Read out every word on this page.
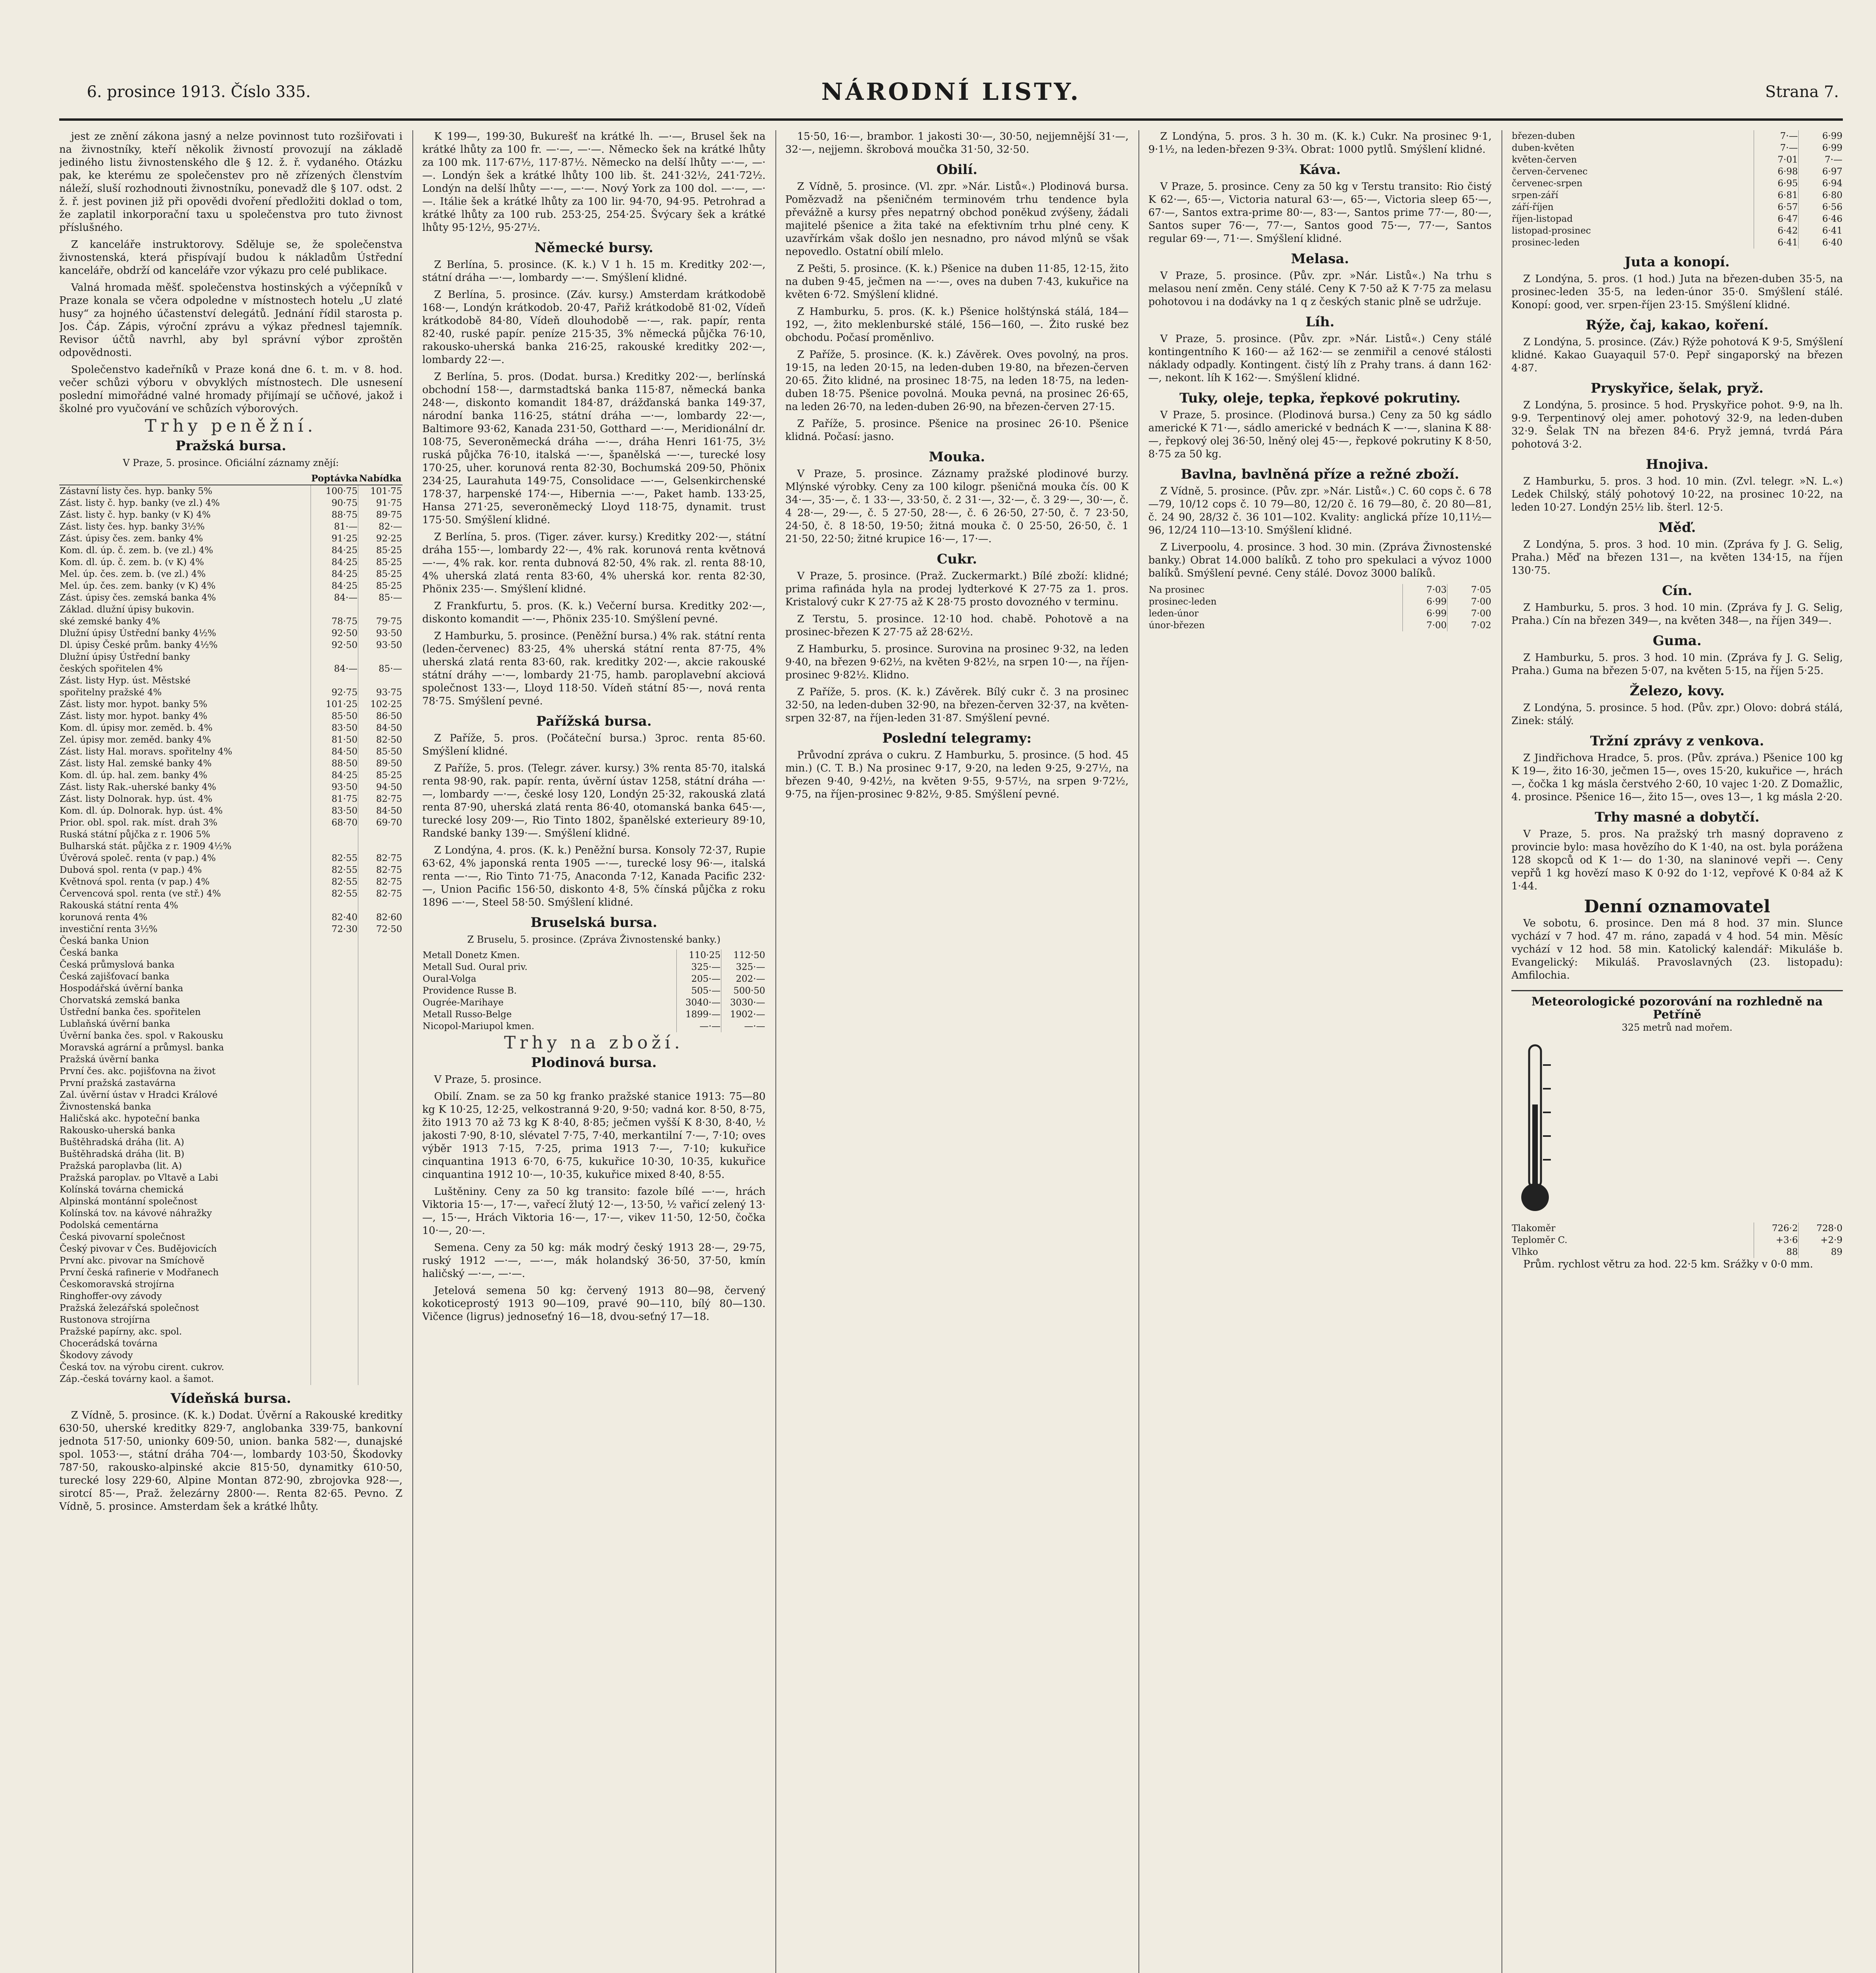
6. prosince 1913. Číslo 335.	NÁRODNÍ LISTY.	Strana 7.

jest ze znění zákona jasný a nelze povinnost tuto rozšiřovati i na živnostníky, kteří několik živností provozují na základě jediného listu živnostenského dle § 12. ž. ř. vydaného. Otázku pak, ke kterému ze společenstev pro ně zřízených členstvím náleží, sluší rozhodnouti živnostníku, ponevadž dle § 107. odst. 2 ž. ř. jest povinen již při opovědi dvoření předložiti doklad o tom, že zaplatil inkorporační taxu u společenstva pro tuto živnost příslušného.

Z kanceláře instruktorovy. Sděluje se, že společenstva živnostenská, která přispívají budou k nákladům Ústřední kanceláře, obdrží od kanceláře vzor výkazu pro celé publikace.

Valná hromada měšť. společenstva hostinských a výčepníků v Praze konala se včera odpoledne v místnostech hotelu „U zlaté husy“ za hojného účastenství delegátů. Jednání řídil starosta p. Jos. Čáp. Zápis, výroční zprávu a výkaz přednesl tajemník. Revisor účtů navrhl, aby byl správní výbor zproštěn odpovědnosti.

Společenstvo kadeřníků v Praze koná dne 6. t. m. v 8. hod. večer schůzi výboru v obvyklých místnostech. Dle usnesení poslední mimořádné valné hromady přijímají se učňové, jakož i školné pro vyučování ve schůzích výborových.

Trhy peněžní.
Pražská bursa.
V Praze, 5. prosince. Oficiální záznamy znějí:
	Poptávka	Nabídka
Zástavní listy čes. hyp. banky 5%	100·75	101·75
Zást. listy č. hyp. banky (ve zl.) 4%	90·75	91·75
Zást. listy č. hyp. banky (v K) 4%	88·75	89·75
Zást. listy čes. hyp. banky 3½%	81·—	82·—
Zást. úpisy čes. zem. banky 4%	91·25	92·25
Kom. dl. úp. č. zem. b. (ve zl.) 4%	84·25	85·25
Kom. dl. úp. č. zem. b. (v K) 4%	84·25	85·25
Mel. úp. čes. zem. b. (ve zl.) 4%	84·25	85·25
Mel. úp. čes. zem. banky (v K) 4%	84·25	85·25
Zást. úpisy čes. zemská banka 4%	84·—	85·—
Základ. dlužní úpisy bukovin.		
ské zemské banky 4%	78·75	79·75
Dlužní úpisy Ústřední banky 4½%	92·50	93·50
Dl. úpisy České prům. banky 4½%	92·50	93·50
Dlužní úpisy Ústřední banky		
českých spořitelen 4%	84·—	85·—
Zást. listy Hyp. úst. Městské		
spořitelny pražské 4%	92·75	93·75
Zást. listy mor. hypot. banky 5%	101·25	102·25
Zást. listy mor. hypot. banky 4%	85·50	86·50
Kom. dl. úpisy mor. zeměd. b. 4%	83·50	84·50
Zel. úpisy mor. zeměd. banky 4%	81·50	82·50
Zást. listy Hal. moravs. spořitelny 4%	84·50	85·50
Zást. listy Hal. zemské banky 4%	88·50	89·50
Kom. dl. úp. hal. zem. banky 4%	84·25	85·25
Zást. listy Rak.-uherské banky 4%	93·50	94·50
Zást. listy Dolnorak. hyp. úst. 4%	81·75	82·75
Kom. dl. úp. Dolnorak. hyp. úst. 4%	83·50	84·50
Prior. obl. spol. rak. míst. drah 3%	68·70	69·70
Ruská státní půjčka z r. 1906 5%		
Bulharská stát. půjčka z r. 1909 4½%		
Úvěrová společ. renta (v pap.) 4%	82·55	82·75
Dubová spol. renta (v pap.) 4%	82·55	82·75
Květnová spol. renta (v pap.) 4%	82·55	82·75
Červencová spol. renta (ve stř.) 4%	82·55	82·75
Rakouská státní renta 4%		
korunová renta 4%	82·40	82·60
investiční renta 3½%	72·30	72·50
Česká banka Union		
Česká banka		
Česká průmyslová banka		
Česká zajišťovací banka		
Hospodářská úvěrní banka		
Chorvatská zemská banka		
Ústřední banka čes. spořitelen		
Lublaňská úvěrní banka		
Úvěrní banka čes. spol. v Rakousku		
Moravská agrární a průmysl. banka		
Pražská úvěrní banka		
První čes. akc. pojišťovna na život		
První pražská zastavárna		
Zal. úvěrní ústav v Hradci Králové		
Živnostenská banka		
Haličská akc. hypoteční banka		
Rakousko-uherská banka		
Buštěhradská dráha (lit. A)		
Buštěhradská dráha (lit. B)		
Pražská paroplavba (lit. A)		
Pražská paroplav. po Vltavě a Labi		
Kolínská továrna chemická		
Alpinská montánní společnost		
Kolínská tov. na kávové náhražky		
Podolská cementárna		
Česká pivovarní společnost		
Český pivovar v Čes. Budějovicích		
První akc. pivovar na Smíchově		
První česká rafinerie v Modřanech		
Českomoravská strojírna		
Ringhoffer-ovy závody		
Pražská železářská společnost		
Rustonova strojírna		
Pražské papírny, akc. spol.		
Chocerádská továrna		
Škodovy závody		
Česká tov. na výrobu cirent. cukrov.		
Záp.-česká továrny kaol. a šamot.		
Vídeňská bursa.

Z Vídně, 5. prosince. (K. k.) Dodat. Úvěrní a Rakouské kreditky 630·50, uherské kreditky 829·7, anglobanka 339·75, bankovní jednota 517·50, unionky 609·50, union. banka 582·—, dunajské spol. 1053·—, státní dráha 704·—, lombardy 103·50, Škodovky 787·50, rakousko-alpinské akcie 815·50, dynamitky 610·50, turecké losy 229·60, Alpine Montan 872·90, zbrojovka 928·—, sirotcí 85·—, Praž. železárny 2800·—. Renta 82·65. Pevno. Z Vídně, 5. prosince. Amsterdam šek a krátké lhůty.

K 199—, 199·30, Bukurešť na krátké lh. —·—, Brusel šek na krátké lhůty za 100 fr. —·—, —·—. Německo šek na krátké lhůty za 100 mk. 117·67½, 117·87½. Německo na delší lhůty —·—, —·—. Londýn šek a krátké lhůty 100 lib. št. 241·32½, 241·72½. Londýn na delší lhůty —·—, —·—. Nový York za 100 dol. —·—, —·—. Itálie šek a krátké lhůty za 100 lir. 94·70, 94·95. Petrohrad a krátké lhůty za 100 rub. 253·25, 254·25. Švýcary šek a krátké lhůty 95·12½, 95·27½.

Německé bursy.

Z Berlína, 5. prosince. (K. k.) V 1 h. 15 m. Kreditky 202·—, státní dráha —·—, lombardy —·—. Smýšlení klidné.

Z Berlína, 5. prosince. (Záv. kursy.) Amsterdam krátkodobě 168·—, Londýn krátkodob. 20·47, Pařiž krátkodobě 81·02, Vídeň krátkodobě 84·80, Vídeň dlouhodobě —·—, rak. papír, renta 82·40, ruské papír. peníze 215·35, 3% německá půjčka 76·10, rakousko-uherská banka 216·25, rakouské kreditky 202·—, lombardy 22·—.

Z Berlína, 5. pros. (Dodat. bursa.) Kreditky 202·—, berlínská obchodní 158·—, darmstadtská banka 115·87, německá banka 248·—, diskonto komandit 184·87, drážďanská banka 149·37, národní banka 116·25, státní dráha —·—, lombardy 22·—, Baltimore 93·62, Kanada 231·50, Gotthard —·—, Meridionální dr. 108·75, Severoněmecká dráha —·—, dráha Henri 161·75, 3½ ruská půjčka 76·10, italská —·—, španělská —·—, turecké losy 170·25, uher. korunová renta 82·30, Bochumská 209·50, Phönix 234·25, Laurahuta 149·75, Consolidace —·—, Gelsenkirchenské 178·37, harpenské 174·—, Hibernia —·—, Paket hamb. 133·25, Hansa 271·25, severoněmecký Lloyd 118·75, dynamit. trust 175·50. Smýšlení klidné.

Z Berlína, 5. pros. (Tiger. záver. kursy.) Kreditky 202·—, státní dráha 155·—, lombardy 22·—, 4% rak. korunová renta květnová —·—, 4% rak. kor. renta dubnová 82·50, 4% rak. zl. renta 88·10, 4% uherská zlatá renta 83·60, 4% uherská kor. renta 82·30, Phönix 235·—. Smýšlení klidné.

Z Frankfurtu, 5. pros. (K. k.) Večerní bursa. Kreditky 202·—, diskonto komandit —·—, Phönix 235·10. Smýšlení pevné.

Z Hamburku, 5. prosince. (Peněžní bursa.) 4% rak. státní renta (leden-červenec) 83·25, 4% uherská státní renta 87·75, 4% uherská zlatá renta 83·60, rak. kreditky 202·—, akcie rakouské státní dráhy —·—, lombardy 21·75, hamb. paroplavební akciová společnost 133·—, Lloyd 118·50. Vídeň státní 85·—, nová renta 78·75. Smýšlení pevné.

Pařížská bursa.

Z Paříže, 5. pros. (Počáteční bursa.) 3proc. renta 85·60. Smýšlení klidné.

Z Paříže, 5. pros. (Telegr. záver. kursy.) 3% renta 85·70, italská renta 98·90, rak. papír. renta, úvěrní ústav 1258, státní dráha —·—, lombardy —·—, české losy 120, Londýn 25·32, rakouská zlatá renta 87·90, uherská zlatá renta 86·40, otomanská banka 645·—, turecké losy 209·—, Rio Tinto 1802, španělské exterieury 89·10, Randské banky 139·—. Smýšlení klidné.

Z Londýna, 4. pros. (K. k.) Peněžní bursa. Konsoly 72·37, Rupie 63·62, 4% japonská renta 1905 —·—, turecké losy 96·—, italská renta —·—, Rio Tinto 71·75, Anaconda 7·12, Kanada Pacific 232·—, Union Pacific 156·50, diskonto 4·8, 5% čínská půjčka z roku 1896 —·—, Steel 58·50. Smýšlení klidné.

Bruselská bursa.
Z Bruselu, 5. prosince. (Zpráva Živnostenské banky.)
Metall Donetz Kmen.	110·25	112·50
Metall Sud. Oural priv.	325·—	325·—
Oural-Volga	205·—	202·—
Providence Russe B.	505·—	500·50
Ougrée-Marihaye	3040·—	3030·—
Metall Russo-Belge	1899·—	1902·—
Nicopol-Mariupol kmen.	—·—	—·—
Trhy na zboží.
Plodinová bursa.

V Praze, 5. prosince.

Obilí. Znam. se za 50 kg franko pražské stanice 1913: 75—80 kg K 10·25, 12·25, velkostranná 9·20, 9·50; vadná kor. 8·50, 8·75, žito 1913 70 až 73 kg K 8·40, 8·85; ječmen vyšší K 8·30, 8·40, ½ jakosti 7·90, 8·10, slévatel 7·75, 7·40, merkantilní 7·—, 7·10; oves výběr 1913 7·15, 7·25, prima 1913 7·—, 7·10; kukuřice cinquantina 1913 6·70, 6·75, kukuřice 10·30, 10·35, kukuřice cinquantina 1912 10·—, 10·35, kukuřice mixed 8·40, 8·55.

Luštěniny. Ceny za 50 kg transito: fazole bílé —·—, hrách Viktoria 15·—, 17·—, vařecí žlutý 12·—, 13·50, ½ vařicí zelený 13·—, 15·—, Hrách Viktoria 16·—, 17·—, vikev 11·50, 12·50, čočka 10·—, 20·—.

Semena. Ceny za 50 kg: mák modrý český 1913 28·—, 29·75, ruský 1912 —·—, —·—, mák holandský 36·50, 37·50, kmín haličský —·—, —·—.

Jetelová semena 50 kg: červený 1913 80—98, červený kokoticeprostý 1913 90—109, pravé 90—110, bílý 80—130. Vičence (ligrus) jednoseťný 16—18, dvou-seťný 17—18.

15·50, 16·—, brambor. 1 jakosti 30·—, 30·50, nejjemnější 31·—, 32·—, nejjemn. škrobová moučka 31·50, 32·50.

Obilí.

Z Vídně, 5. prosince. (Vl. zpr. »Nár. Listů«.) Plodinová bursa. Pomězvadž na pšeničném terminovém trhu tendence byla převážně a kursy přes nepatrný obchod poněkud zvýšeny, žádali majitelé pšenice a žita také na efektivním trhu plné ceny. K uzavřírkám však došlo jen nesnadno, pro návod mlýnů se však nepovedlo. Ostatní obilí mlelo.

Z Pešti, 5. prosince. (K. k.) Pšenice na duben 11·85, 12·15, žito na duben 9·45, ječmen na —·—, oves na duben 7·43, kukuřice na květen 6·72. Smýšlení klidné.

Z Hamburku, 5. pros. (K. k.) Pšenice holštýnská stálá, 184—192, —, žito meklenburské stálé, 156—160, —. Žito ruské bez obchodu. Počasí proměnlivo.

Z Paříže, 5. prosince. (K. k.) Závěrek. Oves povolný, na pros. 19·15, na leden 20·15, na leden-duben 19·80, na březen-červen 20·65. Žito klidné, na prosinec 18·75, na leden 18·75, na leden-duben 18·75. Pšenice povolná. Mouka pevná, na prosinec 26·65, na leden 26·70, na leden-duben 26·90, na březen-červen 27·15.

Z Paříže, 5. prosince. Pšenice na prosinec 26·10. Pšenice klidná. Počasí: jasno.

Mouka.

V Praze, 5. prosince. Záznamy pražské plodinové burzy. Mlýnské výrobky. Ceny za 100 kilogr. pšeničná mouka čís. 00 K 34·—, 35·—, č. 1 33·—, 33·50, č. 2 31·—, 32·—, č. 3 29·—, 30·—, č. 4 28·—, 29·—, č. 5 27·50, 28·—, č. 6 26·50, 27·50, č. 7 23·50, 24·50, č. 8 18·50, 19·50; žitná mouka č. 0 25·50, 26·50, č. 1 21·50, 22·50; žitné krupice 16·—, 17·—.

Cukr.

V Praze, 5. prosince. (Praž. Zuckermarkt.) Bílé zboží: klidné; prima rafináda hyla na prodej lydterkové K 27·75 za 1. pros. Kristalový cukr K 27·75 až K 28·75 prosto dovozného v terminu.

Z Terstu, 5. prosince. 12·10 hod. chabě. Pohotově a na prosinec-březen K 27·75 až 28·62½.

Z Hamburku, 5. prosince. Surovina na prosinec 9·32, na leden 9·40, na březen 9·62½, na květen 9·82½, na srpen 10·—, na říjen-prosinec 9·82½. Klidno.

Z Paříže, 5. pros. (K. k.) Závěrek. Bílý cukr č. 3 na prosinec 32·50, na leden-duben 32·90, na březen-červen 32·37, na květen-srpen 32·87, na říjen-leden 31·87. Smýšlení pevné.

Poslední telegramy:

Průvodní zpráva o cukru. Z Hamburku, 5. prosince. (5 hod. 45 min.) (C. T. B.) Na prosinec 9·17, 9·20, na leden 9·25, 9·27½, na březen 9·40, 9·42½, na květen 9·55, 9·57½, na srpen 9·72½, 9·75, na říjen-prosinec 9·82½, 9·85. Smýšlení pevné.

Z Londýna, 5. pros. 3 h. 30 m. (K. k.) Cukr. Na prosinec 9·1, 9·1½, na leden-březen 9·3¾. Obrat: 1000 pytlů. Smýšlení klidné.

Káva.

V Praze, 5. prosince. Ceny za 50 kg v Terstu transito: Rio čistý K 62·—, 65·—, Victoria natural 63·—, 65·—, Victoria sleep 65·—, 67·—, Santos extra-prime 80·—, 83·—, Santos prime 77·—, 80·—, Santos super 76·—, 77·—, Santos good 75·—, 77·—, Santos regular 69·—, 71·—. Smýšlení klidné.

Melasa.

V Praze, 5. prosince. (Pův. zpr. »Nár. Listů«.) Na trhu s melasou není změn. Ceny stálé. Ceny K 7·50 až K 7·75 za melasu pohotovou i na dodávky na 1 q z českých stanic plně se udržuje.

Líh.

V Praze, 5. prosince. (Pův. zpr. »Nár. Listů«.) Ceny stálé kontingentního K 160·— až 162·— se zenmiřil a cenové stálosti náklady odpadly. Kontingent. čistý líh z Prahy trans. á dann 162·—, nekont. líh K 162·—. Smýšlení klidné.

Tuky, oleje, tepka, řepkové pokrutiny.

V Praze, 5. prosince. (Plodinová bursa.) Ceny za 50 kg sádlo americké K 71·—, sádlo americké v bednách K —·—, slanina K 88·—, řepkový olej 36·50, lněný olej 45·—, řepkové pokrutiny K 8·50, 8·75 za 50 kg.

Bavlna, bavlněná příze a režné zboží.

Z Vídně, 5. prosince. (Pův. zpr. »Nár. Listů«.) C. 60 cops č. 6 78—79, 10/12 cops č. 10 79—80, 12/20 č. 16 79—80, č. 20 80—81, č. 24 90, 28/32 č. 36 101—102. Kvality: anglická příze 10,11½—96, 12/24 110—13·10. Smýšlení klidné.

Z Liverpoolu, 4. prosince. 3 hod. 30 min. (Zpráva Živnostenské banky.) Obrat 14.000 balíků. Z toho pro spekulaci a vývoz 1000 balíků. Smýšlení pevné. Ceny stálé. Dovoz 3000 balíků.

Na prosinec	7·03	7·05
prosinec-leden	6·99	7·00
leden-únor	6·99	7·00
únor-březen	7·00	7·02
březen-duben	7·—	6·99
duben-květen	7·—	6·99
květen-červen	7·01	7·—
červen-červenec	6·98	6·97
červenec-srpen	6·95	6·94
srpen-září	6·81	6·80
září-říjen	6·57	6·56
říjen-listopad	6·47	6·46
listopad-prosinec	6·42	6·41
prosinec-leden	6·41	6·40
Juta a konopí.

Z Londýna, 5. pros. (1 hod.) Juta na březen-duben 35·5, na prosinec-leden 35·5, na leden-únor 35·0. Smýšlení stálé. Konopí: good, ver. srpen-říjen 23·15. Smýšlení klidné.

Rýže, čaj, kakao, koření.

Z Londýna, 5. prosince. (Záv.) Rýže pohotová K 9·5, Smýšlení klidné. Kakao Guayaquil 57·0. Pepř singaporský na březen 4·87.

Pryskyřice, šelak, pryž.

Z Londýna, 5. prosince. 5 hod. Pryskyřice pohot. 9·9, na lh. 9·9. Terpentinový olej amer. pohotový 32·9, na leden-duben 32·9. Šelak TN na březen 84·6. Pryž jemná, tvrdá Pára pohotová 3·2.

Hnojiva.

Z Hamburku, 5. pros. 3 hod. 10 min. (Zvl. telegr. »N. L.«) Ledek Chilský, stálý pohotový 10·22, na prosinec 10·22, na leden 10·27. Londýn 25½ lib. šterl. 12·5.

Měď.

Z Londýna, 5. pros. 3 hod. 10 min. (Zpráva fy J. G. Selig, Praha.) Měď na březen 131—, na květen 134·15, na říjen 130·75.

Cín.

Z Hamburku, 5. pros. 3 hod. 10 min. (Zpráva fy J. G. Selig, Praha.) Cín na březen 349—, na květen 348—, na říjen 349—.

Guma.

Z Hamburku, 5. pros. 3 hod. 10 min. (Zpráva fy J. G. Selig, Praha.) Guma na březen 5·07, na květen 5·15, na říjen 5·25.

Železo, kovy.

Z Londýna, 5. prosince. 5 hod. (Pův. zpr.) Olovo: dobrá stálá, Zinek: stálý.

Tržní zprávy z venkova.

Z Jindřichova Hradce, 5. pros. (Pův. zpráva.) Pšenice 100 kg K 19—, žito 16·30, ječmen 15—, oves 15·20, kukuřice —, hrách —, čočka 1 kg másla čerstvého 2·60, 10 vajec 1·20. Z Domažlic, 4. prosince. Pšenice 16—, žito 15—, oves 13—, 1 kg másla 2·20.

Trhy masné a dobytčí.

V Praze, 5. pros. Na pražský trh masný dopraveno z provincie bylo: masa hovězího do K 1·40, na ost. byla porážena 128 skopců od K 1·— do 1·30, na slaninové vepři —. Ceny vepřů 1 kg hovězí maso K 0·92 do 1·12, vepřové K 0·84 až K 1·44.

Denní oznamovatel

Ve sobotu, 6. prosince. Den má 8 hod. 37 min. Slunce vychází v 7 hod. 47 m. ráno, zapadá v 4 hod. 54 min. Měsíc vychází v 12 hod. 58 min. Katolický kalendář: Mikuláše b. Evangelický: Mikuláš. Pravoslavných (23. listopadu): Amfilochia.

Meteorologické pozorování na rozhledně na Petříně
325 metrů nad mořem.
Tlakoměr	726·2	728·0
Teploměr C.	+3·6	+2·9
Vlhko	88	89

Prům. rychlost větru za hod. 22·5 km. Srážky v 0·0 mm.
